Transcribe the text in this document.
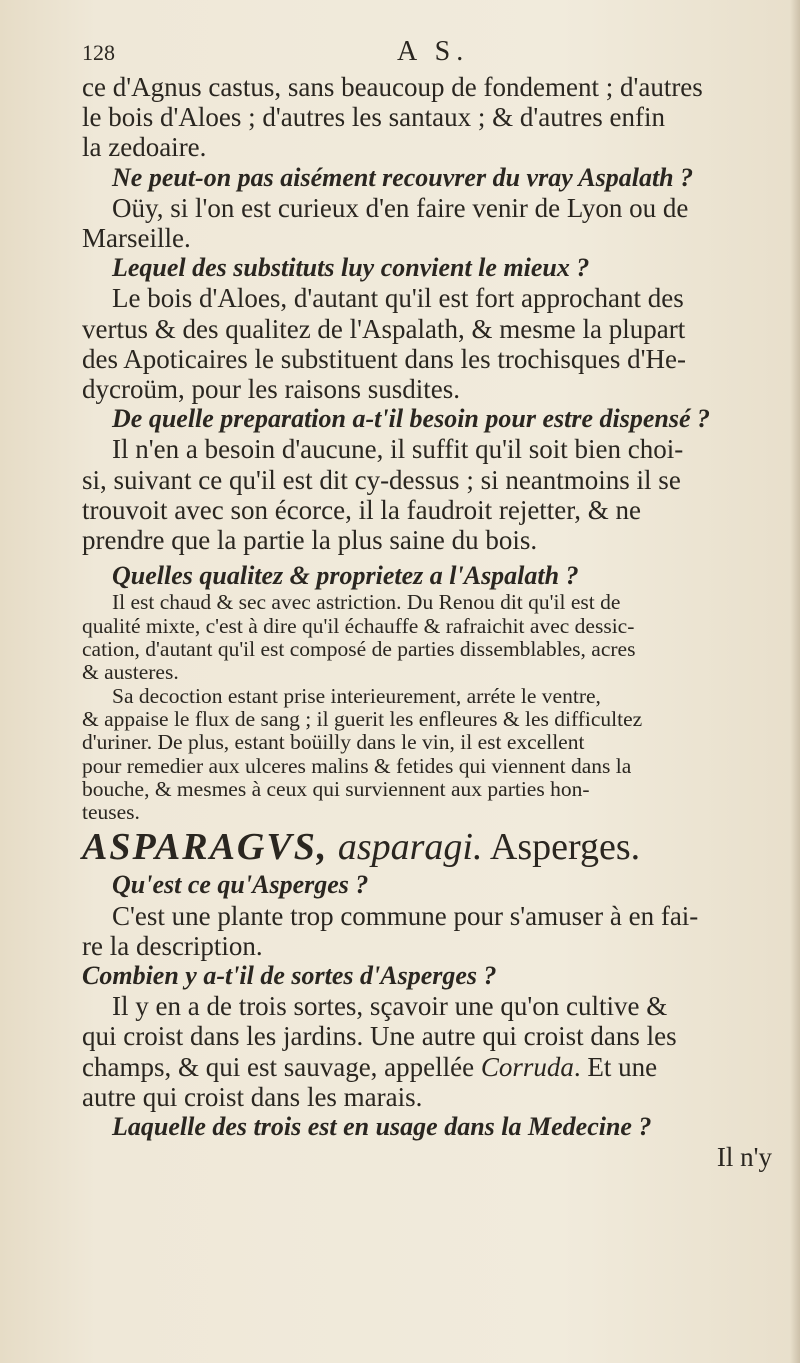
128	A S.
ce d'Agnus castus, sans beaucoup de fondement ; d'autres
le bois d'Aloes ; d'autres les santaux ; & d'autres enfin
la zedoaire.
Ne peut-on pas aisément recouvrer du vray Aspalath ?
Oüy, si l'on est curieux d'en faire venir de Lyon ou de
Marseille.
Lequel des substituts luy convient le mieux ?
Le bois d'Aloes, d'autant qu'il est fort approchant des
vertus & des qualitez de l'Aspalath, & mesme la plupart
des Apoticaires le substituent dans les trochisques d'He-
dycroüm, pour les raisons susdites.
De quelle preparation a-t'il besoin pour estre dispensé ?
Il n'en a besoin d'aucune, il suffit qu'il soit bien choi-
si, suivant ce qu'il est dit cy-dessus ; si neantmoins il se
trouvoit avec son écorce, il la faudroit rejetter, & ne
prendre que la partie la plus saine du bois.
Quelles qualitez & proprietez a l'Aspalath ?
Il est chaud & sec avec astriction. Du Renou dit qu'il est de
qualité mixte, c'est à dire qu'il échauffe & rafraichit avec dessic-
cation, d'autant qu'il est composé de parties dissemblables, acres
& austeres.
Sa decoction estant prise interieurement, arréte le ventre,
& appaise le flux de sang ; il guerit les enfleures & les difficultez
d'uriner. De plus, estant boüilly dans le vin, il est excellent
pour remedier aux ulceres malins & fetides qui viennent dans la
bouche, & mesmes à ceux qui surviennent aux parties hon-
teuses.
ASPARAGVS, asparagi. Asperges.
Qu'est ce qu'Asperges ?
C'est une plante trop commune pour s'amuser à en fai-
re la description.
Combien y a-t'il de sortes d'Asperges ?
Il y en a de trois sortes, sçavoir une qu'on cultive &
qui croist dans les jardins. Une autre qui croist dans les
champs, & qui est sauvage, appellée Corruda. Et une
autre qui croist dans les marais.
Laquelle des trois est en usage dans la Medecine ?
Il n'y
